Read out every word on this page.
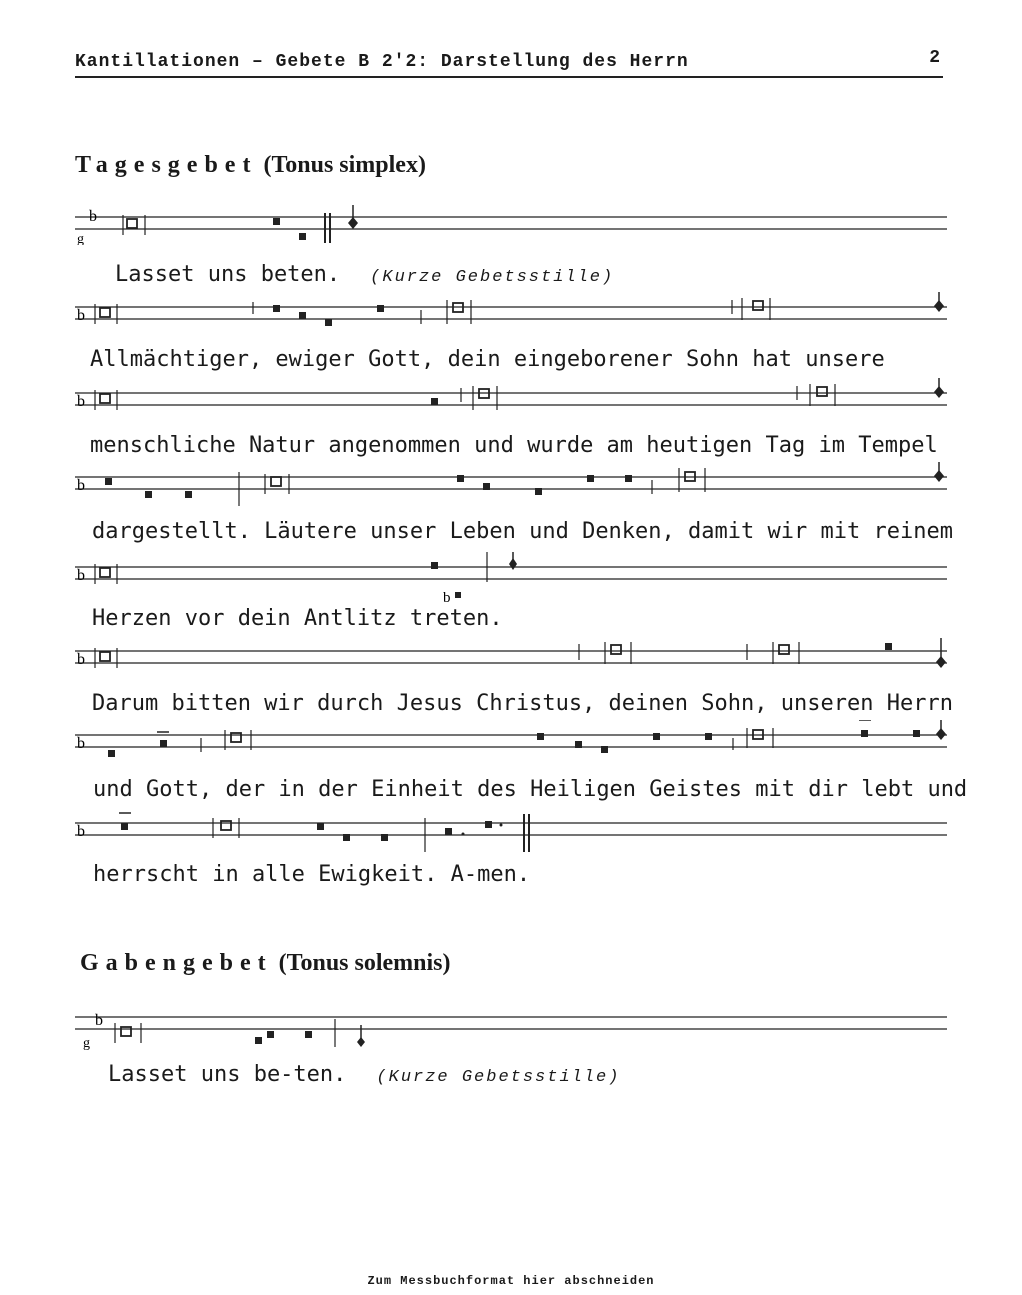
Kantillationen – Gebete B 2'2: Darstellung des Herrn	2
Tagesgebet (Tonus simplex)
b
g
Lasset uns beten. (Kurze Gebetsstille)
b
Allmächtiger, ewiger Gott, dein eingeborener Sohn hat unsere
b
menschliche Natur angenommen und wurde am heutigen Tag im Tempel
b
dargestellt. Läutere unser Leben und Denken, damit wir mit reinem
b
b
Herzen vor dein Antlitz treten.
b
Darum bitten wir durch Jesus Christus, deinen Sohn, unseren Herrn
b
und Gott, der in der Einheit des Heiligen Geistes mit dir lebt und
b
herrscht in alle Ewigkeit. A-men.
Gabengebet (Tonus solemnis)
b
g
Lasset uns be-ten. (Kurze Gebetsstille)
Zum Messbuchformat hier abschneiden
